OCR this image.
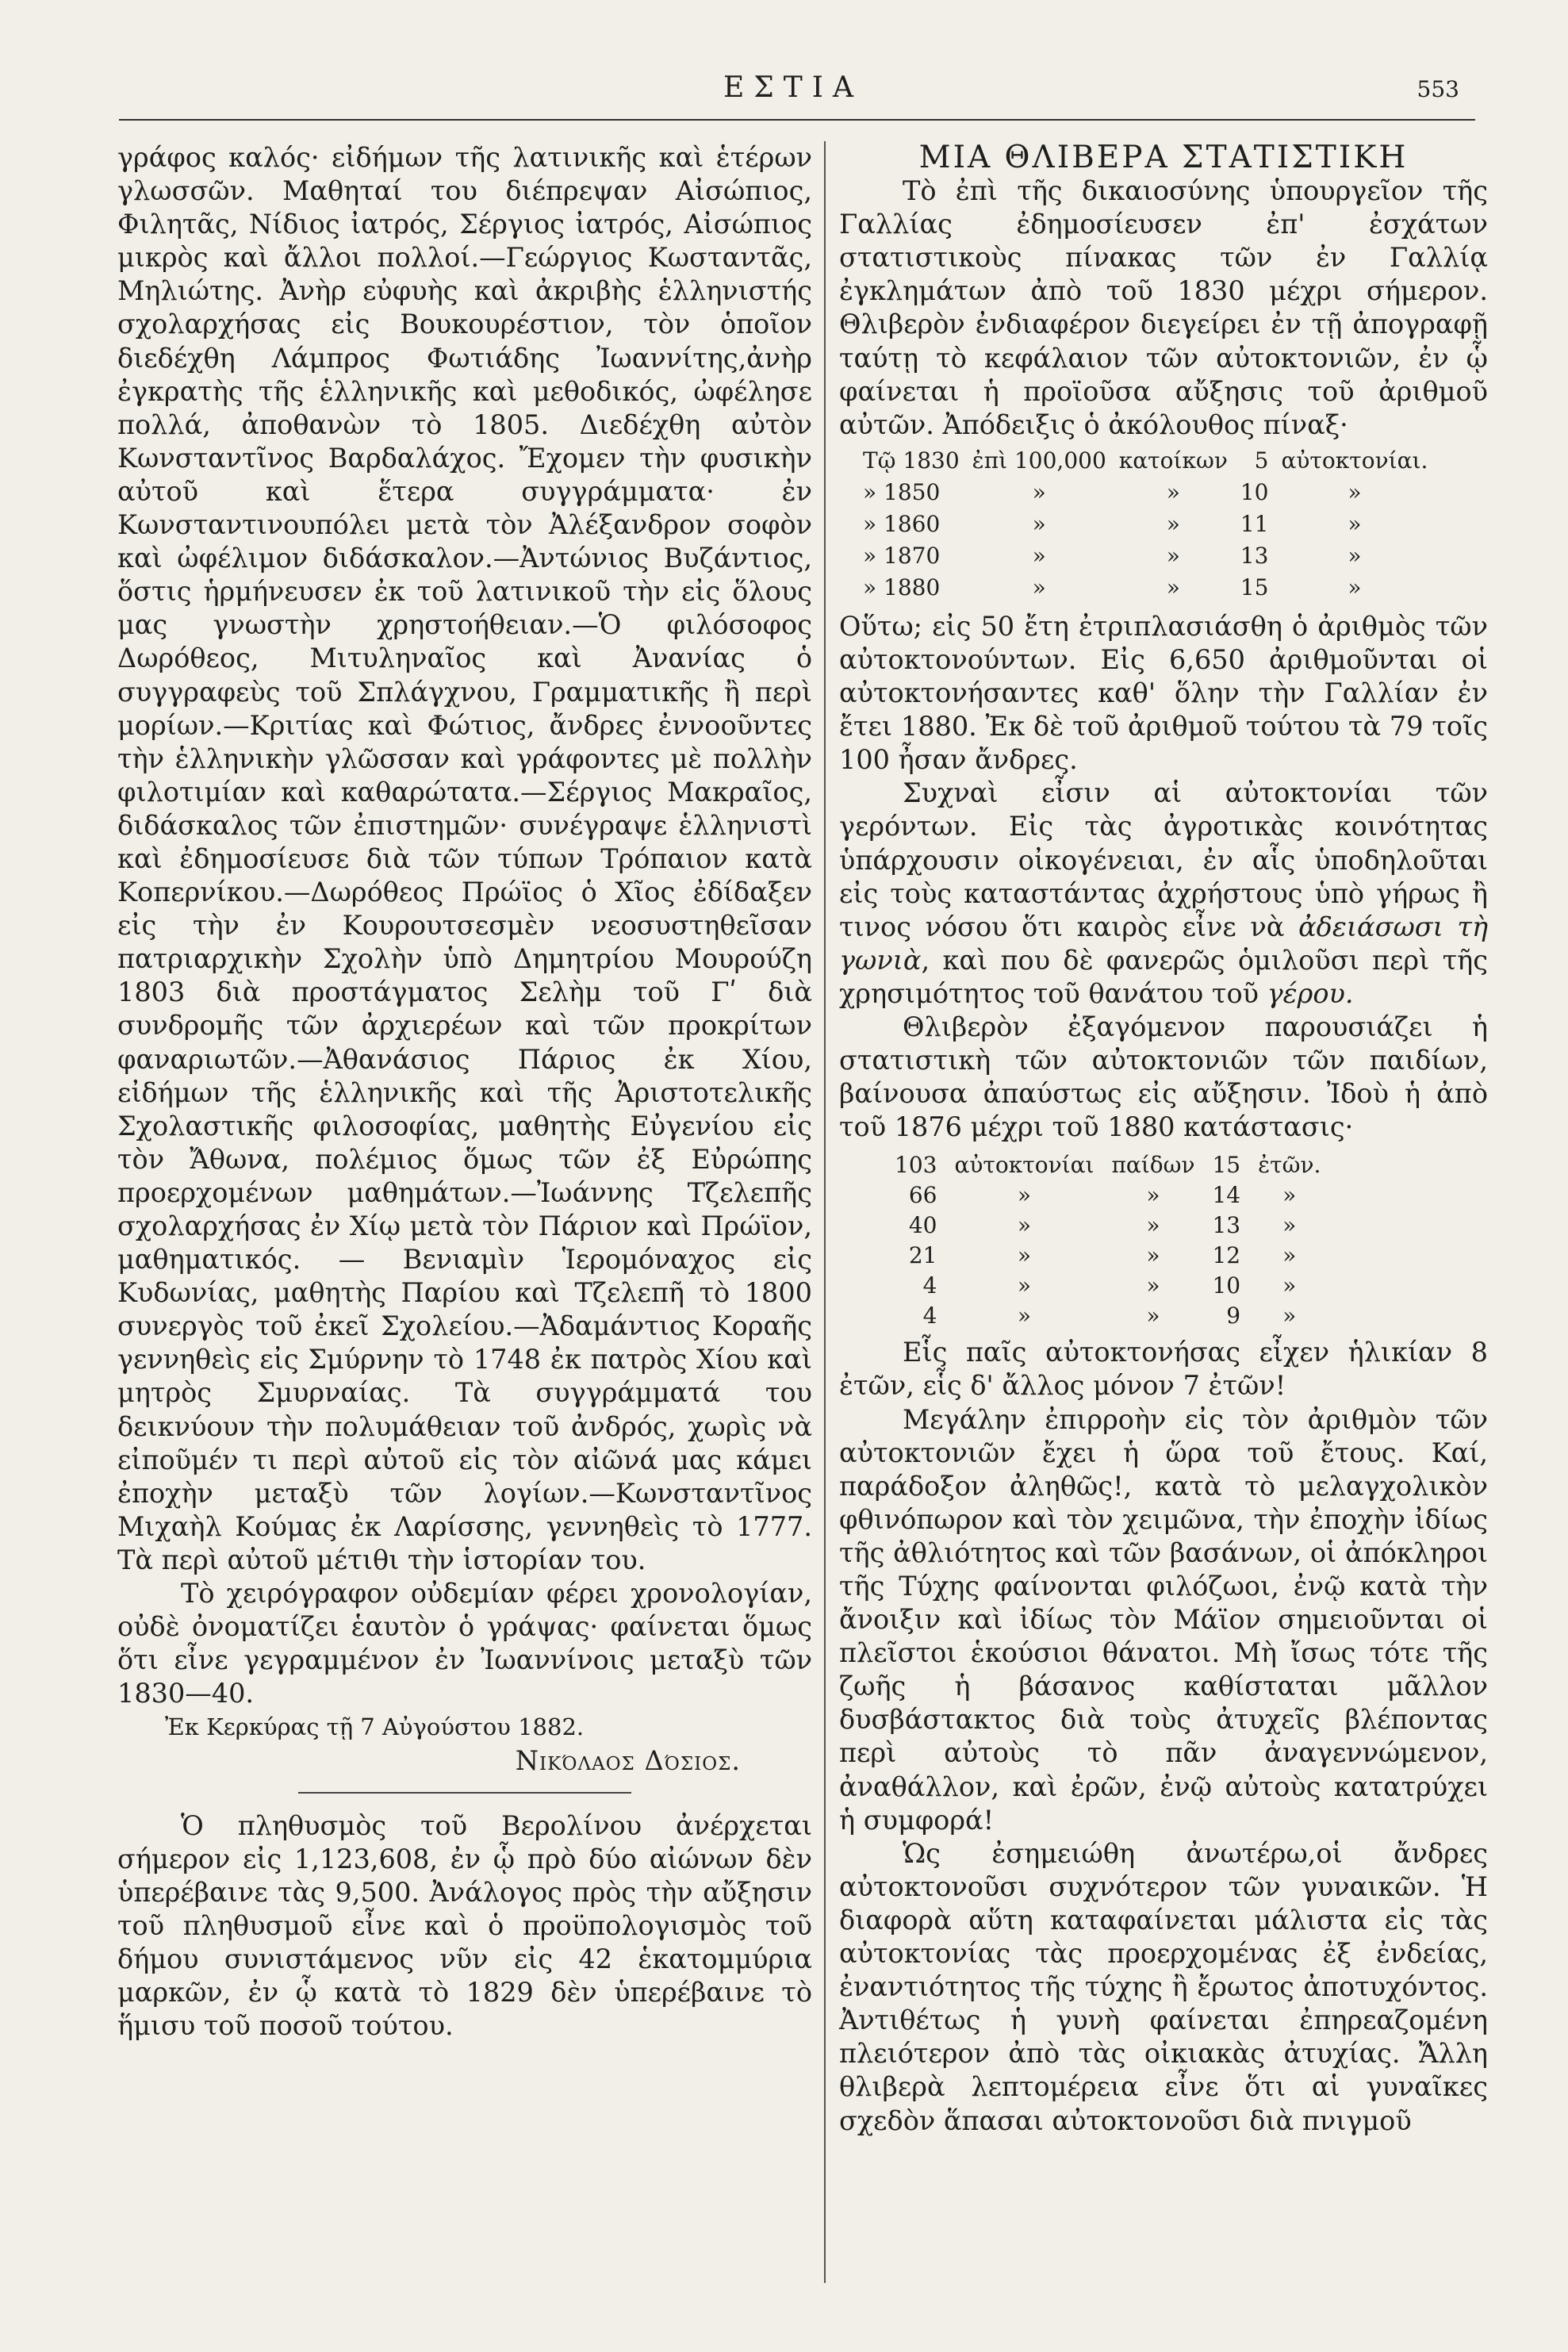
ΕΣΤΙΑ	553

γράφος καλός· εἰδήμων τῆς λατινικῆς καὶ ἑτέρων γλωσσῶν. Μαθηταί του διέπρεψαν Αἰσώπιος, Φιλητᾶς, Νίδιος ἰατρός, Σέργιος ἰατρός, Αἰσώπιος μικρὸς καὶ ἄλλοι πολλοί.—Γεώργιος Κωσταντᾶς, Μηλιώτης. Ἀνὴρ εὐφυὴς καὶ ἀκριβὴς ἑλληνιστής σχολαρχήσας εἰς Βουκουρέστιον, τὸν ὁποῖον διεδέχθη Λάμπρος Φωτιάδης Ἰωαννίτης,ἀνὴρ ἐγκρατὴς τῆς ἑλληνικῆς καὶ μεθοδικός, ὠφέλησε πολλά, ἀποθανὼν τὸ 1805. Διεδέχθη αὐτὸν Κωνσταντῖνος Βαρδαλάχος. Ἔχομεν τὴν φυσικὴν αὐτοῦ καὶ ἕτερα συγγράμματα· ἐν Κωνσταντινουπόλει μετὰ τὸν Ἀλέξανδρον σοφὸν καὶ ὠφέλιμον διδάσκαλον.—Ἀντώνιος Βυζάντιος, ὅστις ἡρμήνευσεν ἐκ τοῦ λατινικοῦ τὴν εἰς ὅλους μας γνωστὴν χρηστοήθειαν.—Ὁ φιλόσοφος Δωρόθεος, Μιτυληναῖος καὶ Ἀνανίας ὁ συγγραφεὺς τοῦ Σπλάγχνου, Γραμματικῆς ἢ περὶ μορίων.—Κριτίας καὶ Φώτιος, ἄνδρες ἐννοοῦντες τὴν ἑλληνικὴν γλῶσσαν καὶ γράφοντες μὲ πολλὴν φιλοτιμίαν καὶ καθαρώτατα.—Σέργιος Μακραῖος, διδάσκαλος τῶν ἐπιστημῶν· συνέγραψε ἑλληνιστὶ καὶ ἐδημοσίευσε διὰ τῶν τύπων Τρόπαιον κατὰ Κοπερνίκου.—Δωρόθεος Πρώϊος ὁ Χῖος ἐδίδαξεν εἰς τὴν ἐν Κουρουτσεσμὲν νεοσυστηθεῖσαν πατριαρχικὴν Σχολὴν ὑπὸ Δημητρίου Μουρούζη 1803 διὰ προστάγματος Σελὴμ τοῦ Γʹ διὰ συνδρομῆς τῶν ἀρχιερέων καὶ τῶν προκρίτων φαναριωτῶν.—Ἀθανάσιος Πάριος ἐκ Χίου, εἰδήμων τῆς ἑλληνικῆς καὶ τῆς Ἀριστοτελικῆς Σχολαστικῆς φιλοσοφίας, μαθητὴς Εὐγενίου εἰς τὸν Ἄθωνα, πολέμιος ὅμως τῶν ἐξ Εὐρώπης προερχομένων μαθημάτων.—Ἰωάννης Τζελεπῆς σχολαρχήσας ἐν Χίῳ μετὰ τὸν Πάριον καὶ Πρώϊον, μαθηματικός. — Βενιαμὶν Ἱερομόναχος εἰς Κυδωνίας, μαθητὴς Παρίου καὶ Τζελεπῆ τὸ 1800 συνεργὸς τοῦ ἐκεῖ Σχολείου.—Ἀδαμάντιος Κοραῆς γεννηθεὶς εἰς Σμύρνην τὸ 1748 ἐκ πατρὸς Χίου καὶ μητρὸς Σμυρναίας. Τὰ συγγράμματά του δεικνύουν τὴν πολυμάθειαν τοῦ ἀνδρός, χωρὶς νὰ εἰποῦμέν τι περὶ αὐτοῦ εἰς τὸν αἰῶνά μας κάμει ἐποχὴν μεταξὺ τῶν λογίων.—Κωνσταντῖνος Μιχαὴλ Κούμας ἐκ Λαρίσσης, γεννηθεὶς τὸ 1777. Τὰ περὶ αὐτοῦ μέτιθι τὴν ἱστορίαν του.

Τὸ χειρόγραφον οὐδεμίαν φέρει χρονολογίαν, οὐδὲ ὀνοματίζει ἑαυτὸν ὁ γράψας· φαίνεται ὅμως ὅτι εἶνε γεγραμμένον ἐν Ἰωαννίνοις μεταξὺ τῶν 1830—40.

Ἐκ Κερκύρας τῇ 7 Αὐγούστου 1882.

Νικόλαος Δόσιος.

Ὁ πληθυσμὸς τοῦ Βερολίνου ἀνέρχεται σήμερον εἰς 1,123,608, ἐν ᾧ πρὸ δύο αἰώνων δὲν ὑπερέβαινε τὰς 9,500. Ἀνάλογος πρὸς τὴν αὔξησιν τοῦ πληθυσμοῦ εἶνε καὶ ὁ προϋπολογισμὸς τοῦ δήμου συνιστάμενος νῦν εἰς 42 ἑκατομμύρια μαρκῶν, ἐν ᾧ κατὰ τὸ 1829 δὲν ὑπερέβαινε τὸ ἥμισυ τοῦ ποσοῦ τούτου.

ΜΙΑ ΘΛΙΒΕΡΑ ΣΤΑΤΙΣΤΙΚΗ

Τὸ ἐπὶ τῆς δικαιοσύνης ὑπουργεῖον τῆς Γαλλίας ἐδημοσίευσεν ἐπ' ἐσχάτων στατιστικοὺς πίνακας τῶν ἐν Γαλλίᾳ ἐγκλημάτων ἀπὸ τοῦ 1830 μέχρι σήμερον. Θλιβερὸν ἐνδιαφέρον διεγείρει ἐν τῇ ἀπογραφῇ ταύτῃ τὸ κεφάλαιον τῶν αὐτοκτονιῶν, ἐν ᾧ φαίνεται ἡ προϊοῦσα αὔξησις τοῦ ἀριθμοῦ αὐτῶν. Ἀπόδειξις ὁ ἀκόλουθος πίναξ·

Τῷ 1830	ἐπὶ 100,000	κατοίκων	5	αὐτοκτονίαι.
» 1850	»	»	10	»
» 1860	»	»	11	»
» 1870	»	»	13	»
» 1880	»	»	15	»

Οὕτω; εἰς 50 ἔτη ἐτριπλασιάσθη ὁ ἀριθμὸς τῶν αὐτοκτονούντων. Εἰς 6,650 ἀριθμοῦνται οἱ αὐτοκτονήσαντες καθ' ὅλην τὴν Γαλλίαν ἐν ἔτει 1880. Ἐκ δὲ τοῦ ἀριθμοῦ τούτου τὰ 79 τοῖς 100 ἦσαν ἄνδρες.

Συχναὶ εἶσιν αἱ αὐτοκτονίαι τῶν γερόντων. Εἰς τὰς ἀγροτικὰς κοινότητας ὑπάρχουσιν οἰκογένειαι, ἐν αἷς ὑποδηλοῦται εἰς τοὺς καταστάντας ἀχρήστους ὑπὸ γήρως ἢ τινος νόσου ὅτι καιρὸς εἶνε νὰ ἀδειάσωσι τὴ γωνιὰ, καὶ που δὲ φανερῶς ὁμιλοῦσι περὶ τῆς χρησιμότητος τοῦ θανάτου τοῦ γέρου.

Θλιβερὸν ἐξαγόμενον παρουσιάζει ἡ στατιστικὴ τῶν αὐτοκτονιῶν τῶν παιδίων, βαίνουσα ἀπαύστως εἰς αὔξησιν. Ἰδοὺ ἡ ἀπὸ τοῦ 1876 μέχρι τοῦ 1880 κατάστασις·

103	αὐτοκτονίαι	παίδων	15	ἐτῶν.
66	»	»	14	»
40	»	»	13	»
21	»	»	12	»
4	»	»	10	»
4	»	»	9	»

Εἷς παῖς αὐτοκτονήσας εἶχεν ἡλικίαν 8 ἐτῶν, εἷς δ' ἄλλος μόνον 7 ἐτῶν!

Μεγάλην ἐπιρροὴν εἰς τὸν ἀριθμὸν τῶν αὐτοκτονιῶν ἔχει ἡ ὥρα τοῦ ἔτους. Καί, παράδοξον ἀληθῶς!, κατὰ τὸ μελαγχολικὸν φθινόπωρον καὶ τὸν χειμῶνα, τὴν ἐποχὴν ἰδίως τῆς ἀθλιότητος καὶ τῶν βασάνων, οἱ ἀπόκληροι τῆς Τύχης φαίνονται φιλόζωοι, ἐνῷ κατὰ τὴν ἄνοιξιν καὶ ἰδίως τὸν Μάϊον σημειοῦνται οἱ πλεῖστοι ἑκούσιοι θάνατοι. Μὴ ἴσως τότε τῆς ζωῆς ἡ βάσανος καθίσταται μᾶλλον δυσβάστακτος διὰ τοὺς ἀτυχεῖς βλέποντας περὶ αὐτοὺς τὸ πᾶν ἀναγεννώμενον, ἀναθάλλον, καὶ ἐρῶν, ἐνῷ αὐτοὺς κατατρύχει ἡ συμφορά!

Ὡς ἐσημειώθη ἀνωτέρω,οἱ ἄνδρες αὐτοκτονοῦσι συχνότερον τῶν γυναικῶν. Ἡ διαφορὰ αὕτη καταφαίνεται μάλιστα εἰς τὰς αὐτοκτονίας τὰς προερχομένας ἐξ ἐνδείας, ἐναντιότητος τῆς τύχης ἢ ἔρωτος ἀποτυχόντος. Ἀντιθέτως ἡ γυνὴ φαίνεται ἐπηρεαζομένη πλειότερον ἀπὸ τὰς οἰκιακὰς ἀτυχίας. Ἄλλη θλιβερὰ λεπτομέρεια εἶνε ὅτι αἱ γυναῖκες σχεδὸν ἅπασαι αὐτοκτονοῦσι διὰ πνιγμοῦ
